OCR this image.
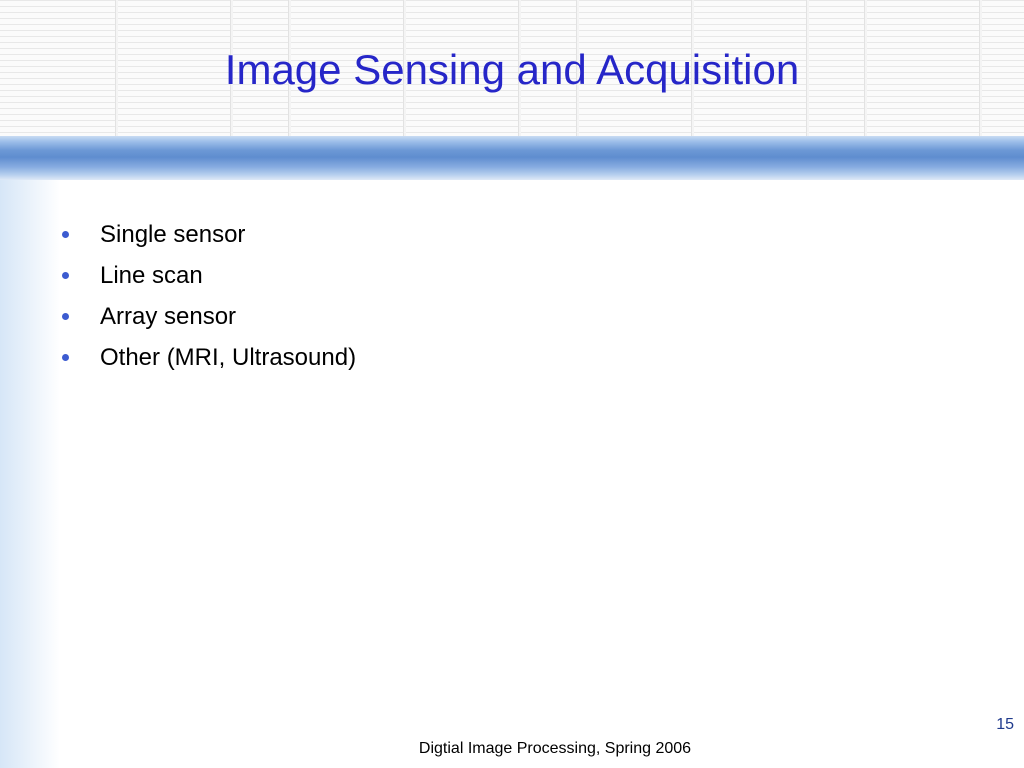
Image Sensing and Acquisition
Single sensor
Line scan
Array sensor
Other (MRI, Ultrasound)
15
Digtial Image Processing, Spring 2006
